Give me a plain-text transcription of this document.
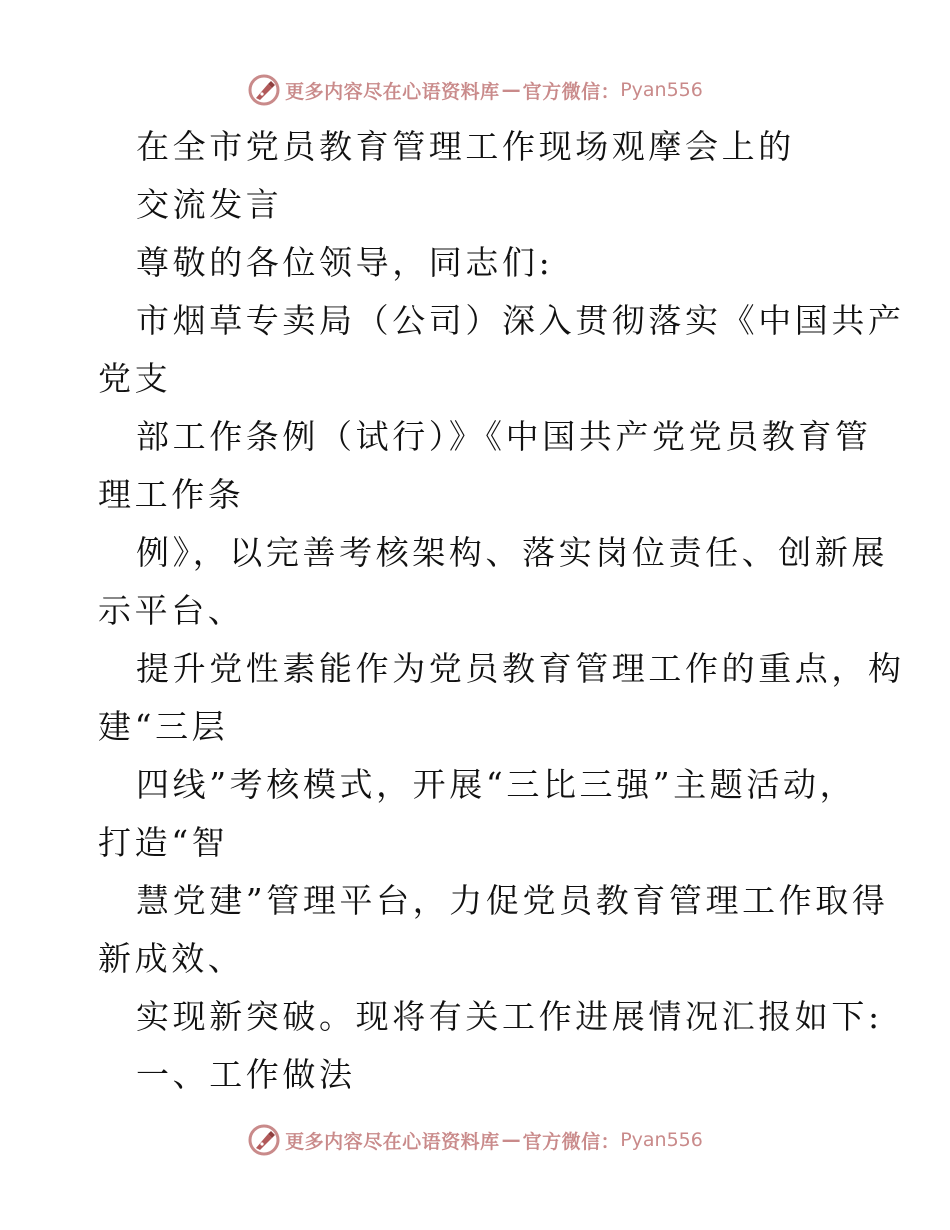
更多内容尽在心语资料库 — 官方微信： Pyan556
在全市党员教育管理工作现场观摩会上的
交流发言
尊敬的各位领导，同志们:
市烟草专卖局（公司）深入贯彻落实《中国共产
党支
部工作条例（试行）》《中国共产党党员教育管
理工作条
例》，以完善考核架构、落实岗位责任、创新展
示平台、
提升党性素能作为党员教育管理工作的重点，构
建“三层
四线”考核模式，开展“三比三强”主题活动，
打造“智
慧党建”管理平台，力促党员教育管理工作取得
新成效、
实现新突破。现将有关工作进展情况汇报如下:
一、工作做法
更多内容尽在心语资料库 — 官方微信： Pyan556
